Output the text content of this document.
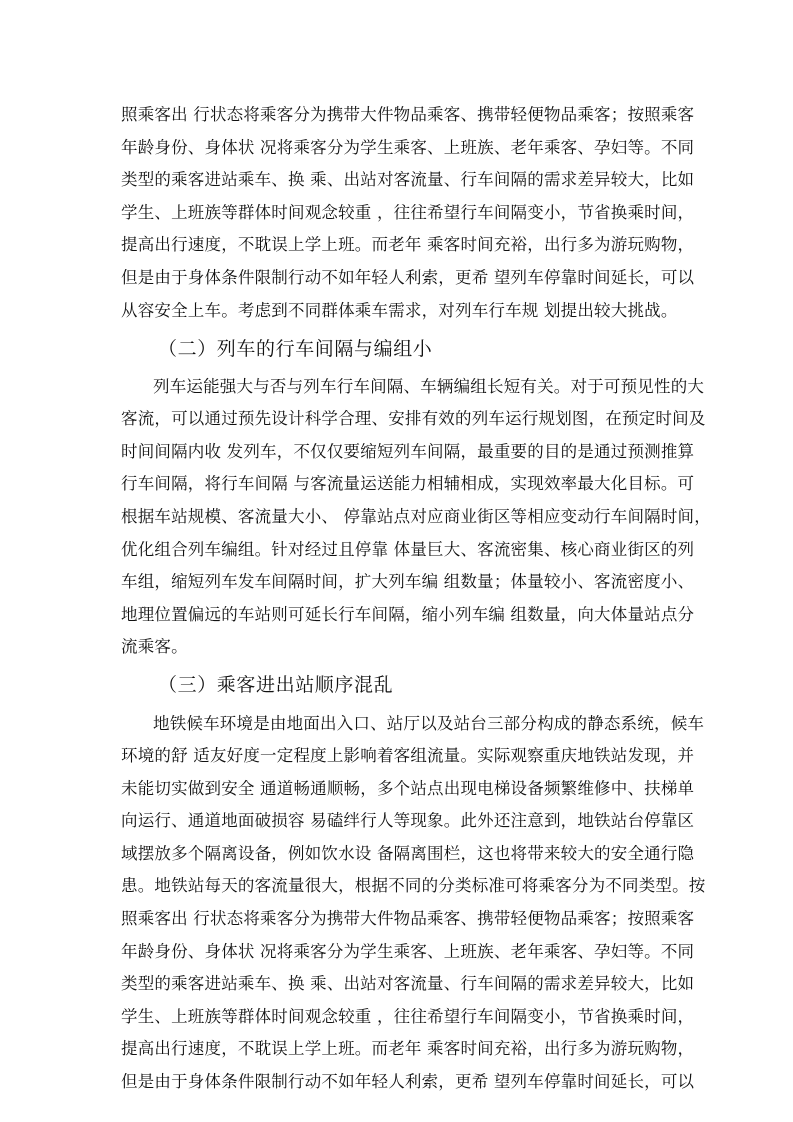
照乘客出 行状态将乘客分为携带大件物品乘客、携带轻便物品乘客；按照乘客
年龄身份、身体状 况将乘客分为学生乘客、上班族、老年乘客、孕妇等。不同
类型的乘客进站乘车、换 乘、出站对客流量、行车间隔的需求差异较大，比如
学生、上班族等群体时间观念较重 ，往往希望行车间隔变小，节省换乘时间，
提高出行速度，不耽误上学上班。而老年 乘客时间充裕，出行多为游玩购物，
但是由于身体条件限制行动不如年轻人利索，更希 望列车停靠时间延长，可以
从容安全上车。考虑到不同群体乘车需求，对列车行车规 划提出较大挑战。
（二）列车的行车间隔与编组小
列车运能强大与否与列车行车间隔、车辆编组长短有关。对于可预见性的大
客流，可以通过预先设计科学合理、安排有效的列车运行规划图，在预定时间及
时间间隔内收 发列车，不仅仅要缩短列车间隔，最重要的目的是通过预测推算
行车间隔，将行车间隔 与客流量运送能力相辅相成，实现效率最大化目标。可
根据车站规模、客流量大小、 停靠站点对应商业街区等相应变动行车间隔时间，
优化组合列车编组。针对经过且停靠 体量巨大、客流密集、核心商业街区的列
车组，缩短列车发车间隔时间，扩大列车编 组数量；体量较小、客流密度小、
地理位置偏远的车站则可延长行车间隔，缩小列车编 组数量，向大体量站点分
流乘客。
（三）乘客进出站顺序混乱
地铁候车环境是由地面出入口、站厅以及站台三部分构成的静态系统，候车
环境的舒 适友好度一定程度上影响着客组流量。实际观察重庆地铁站发现，并
未能切实做到安全 通道畅通顺畅，多个站点出现电梯设备频繁维修中、扶梯单
向运行、通道地面破损容 易磕绊行人等现象。此外还注意到，地铁站台停靠区
域摆放多个隔离设备，例如饮水设 备隔离围栏，这也将带来较大的安全通行隐
患。地铁站每天的客流量很大，根据不同的分类标准可将乘客分为不同类型。按
照乘客出 行状态将乘客分为携带大件物品乘客、携带轻便物品乘客；按照乘客
年龄身份、身体状 况将乘客分为学生乘客、上班族、老年乘客、孕妇等。不同
类型的乘客进站乘车、换 乘、出站对客流量、行车间隔的需求差异较大，比如
学生、上班族等群体时间观念较重 ，往往希望行车间隔变小，节省换乘时间，
提高出行速度，不耽误上学上班。而老年 乘客时间充裕，出行多为游玩购物，
但是由于身体条件限制行动不如年轻人利索，更希 望列车停靠时间延长，可以
